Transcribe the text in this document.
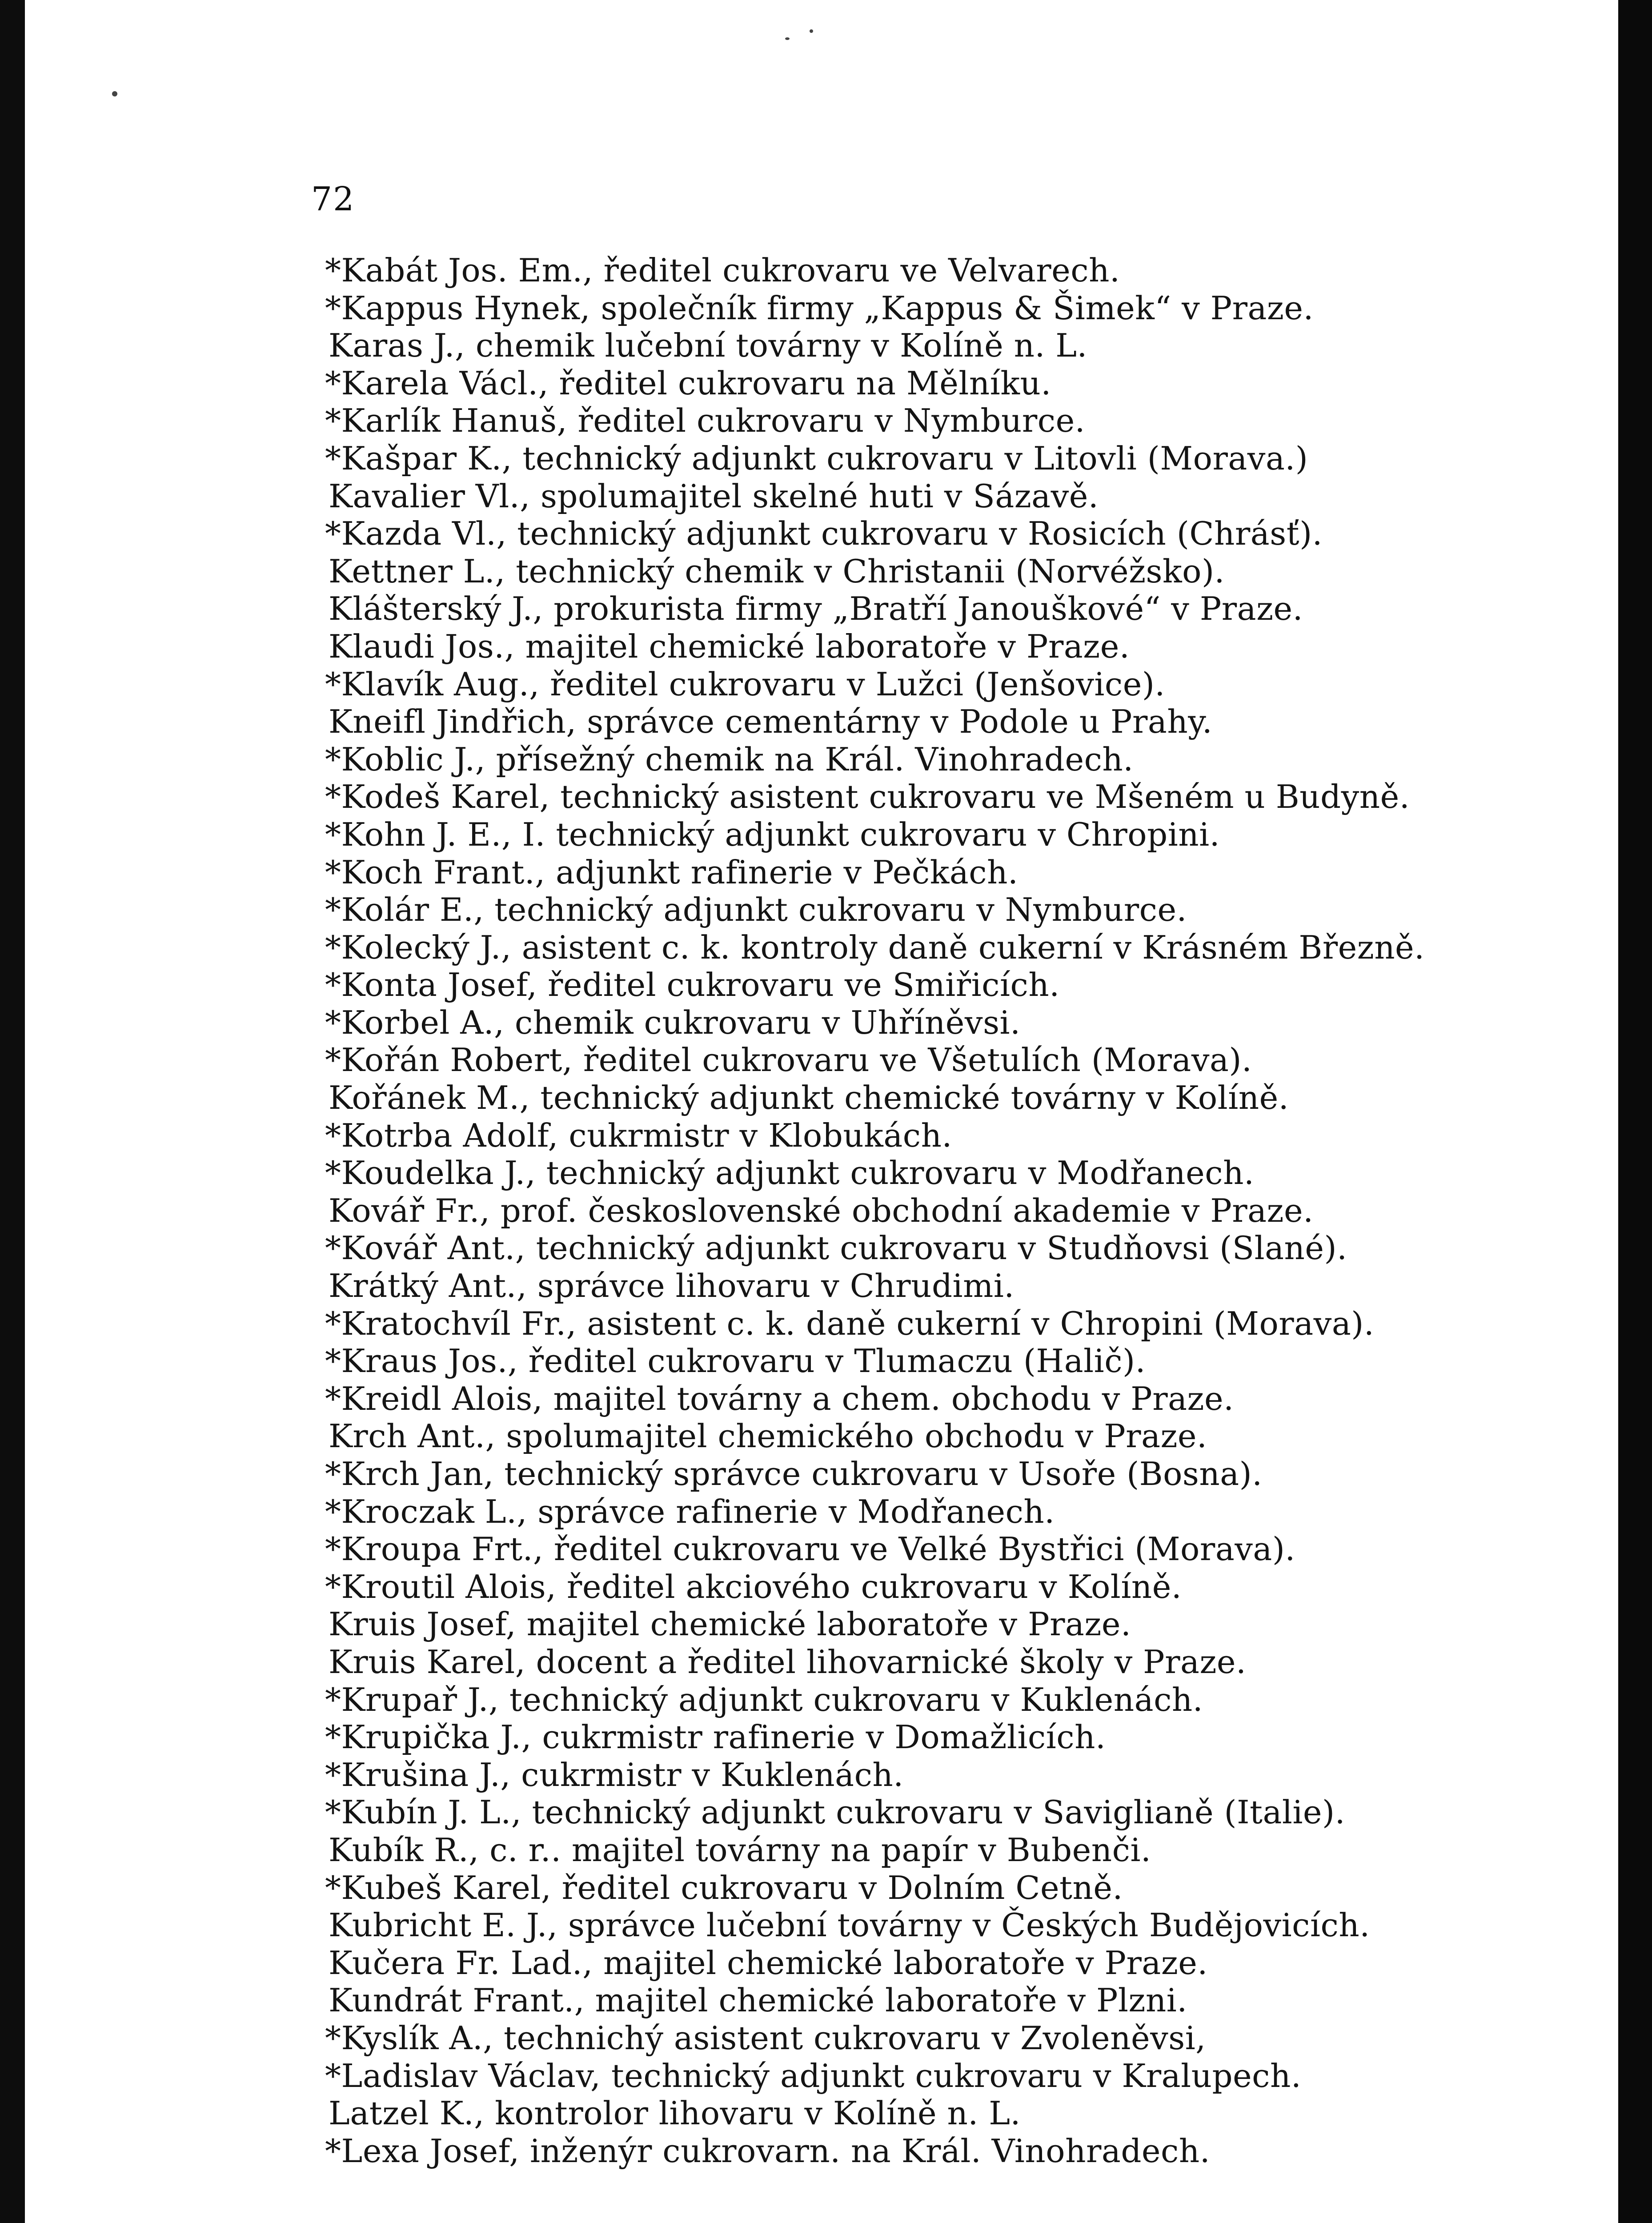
72
*Kabát Jos. Em., ředitel cukrovaru ve Velvarech.
*Kappus Hynek, společník firmy „Kappus & Šimek“ v Praze.
Karas J., chemik lučební továrny v Kolíně n. L.
*Karela Václ., ředitel cukrovaru na Mělníku.
*Karlík Hanuš, ředitel cukrovaru v Nymburce.
*Kašpar K., technický adjunkt cukrovaru v Litovli (Morava.)
Kavalier Vl., spolumajitel skelné huti v Sázavě.
*Kazda Vl., technický adjunkt cukrovaru v Rosicích (Chrásť).
Kettner L., technický chemik v Christanii (Norvéžsko).
Klášterský J., prokurista firmy „Bratří Janouškové“ v Praze.
Klaudi Jos., majitel chemické laboratoře v Praze.
*Klavík Aug., ředitel cukrovaru v Lužci (Jenšovice).
Kneifl Jindřich, správce cementárny v Podole u Prahy.
*Koblic J., přísežný chemik na Král. Vinohradech.
*Kodeš Karel, technický asistent cukrovaru ve Mšeném u Budyně.
*Kohn J. E., I. technický adjunkt cukrovaru v Chropini.
*Koch Frant., adjunkt rafinerie v Pečkách.
*Kolár E., technický adjunkt cukrovaru v Nymburce.
*Kolecký J., asistent c. k. kontroly daně cukerní v Krásném Březně.
*Konta Josef, ředitel cukrovaru ve Smiřicích.
*Korbel A., chemik cukrovaru v Uhříněvsi.
*Kořán Robert, ředitel cukrovaru ve Všetulích (Morava).
Kořánek M., technický adjunkt chemické továrny v Kolíně.
*Kotrba Adolf, cukrmistr v Klobukách.
*Koudelka J., technický adjunkt cukrovaru v Modřanech.
Kovář Fr., prof. československé obchodní akademie v Praze.
*Kovář Ant., technický adjunkt cukrovaru v Studňovsi (Slané).
Krátký Ant., správce lihovaru v Chrudimi.
*Kratochvíl Fr., asistent c. k. daně cukerní v Chropini (Morava).
*Kraus Jos., ředitel cukrovaru v Tlumaczu (Halič).
*Kreidl Alois, majitel továrny a chem. obchodu v Praze.
Krch Ant., spolumajitel chemického obchodu v Praze.
*Krch Jan, technický správce cukrovaru v Usoře (Bosna).
*Kroczak L., správce rafinerie v Modřanech.
*Kroupa Frt., ředitel cukrovaru ve Velké Bystřici (Morava).
*Kroutil Alois, ředitel akciového cukrovaru v Kolíně.
Kruis Josef, majitel chemické laboratoře v Praze.
Kruis Karel, docent a ředitel lihovarnické školy v Praze.
*Krupař J., technický adjunkt cukrovaru v Kuklenách.
*Krupička J., cukrmistr rafinerie v Domažlicích.
*Krušina J., cukrmistr v Kuklenách.
*Kubín J. L., technický adjunkt cukrovaru v Saviglianě (Italie).
Kubík R., c. r.. majitel továrny na papír v Bubenči.
*Kubeš Karel, ředitel cukrovaru v Dolním Cetně.
Kubricht E. J., správce lučební továrny v Českých Budějovicích.
Kučera Fr. Lad., majitel chemické laboratoře v Praze.
Kundrát Frant., majitel chemické laboratoře v Plzni.
*Kyslík A., technichý asistent cukrovaru v Zvoleněvsi,
*Ladislav Václav, technický adjunkt cukrovaru v Kralupech.
Latzel K., kontrolor lihovaru v Kolíně n. L.
*Lexa Josef, inženýr cukrovarn. na Král. Vinohradech.
